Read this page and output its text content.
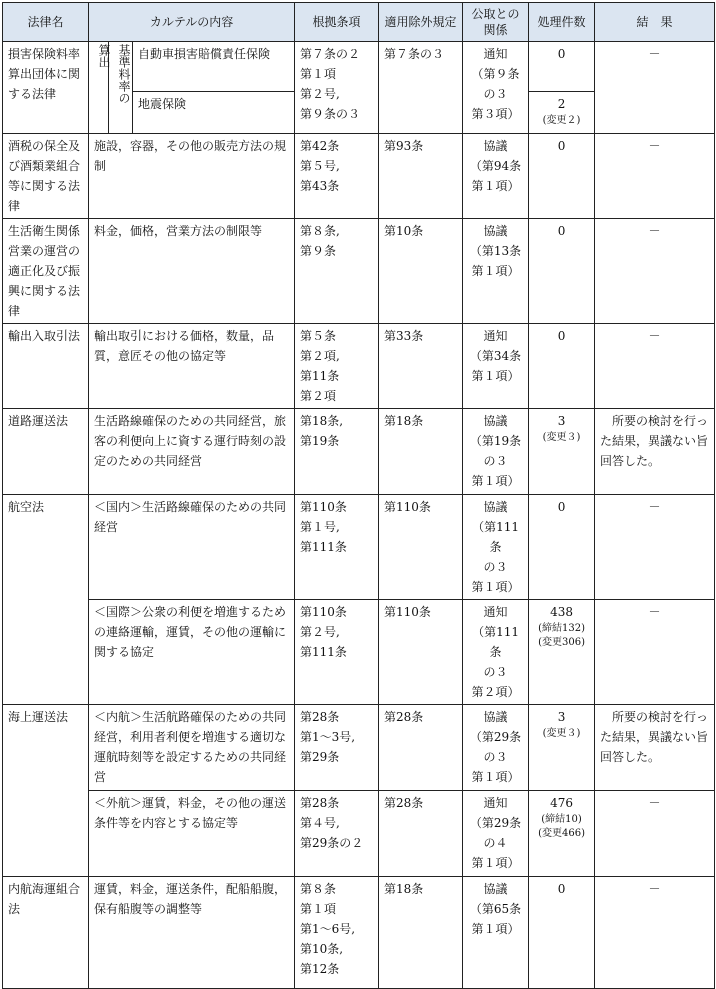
法律名	カルテルの内容			根拠条項	適用除外規定	公取との関係	処理件数	結　果
損害保険料率算出団体に関する法律	算出	基準料率の	自動車損害賠償責任保険	第７条の２
第１項
第２号,
第９条の３	第７条の３	通知
（第９条
の３
第３項）	0	－
			地震保険				2
(変更２)	

酒税の保全及び酒類業組合等に関する法律	施設，容器，その他の販売方法の規制			第42条
第５号,
第43条	第93条	協議
（第94条
第１項）	0	－
生活衛生関係営業の運営の適正化及び振興に関する法律	料金，価格，営業方法の制限等			第８条,
第９条	第10条	協議
（第13条
第１項）	0	－
輸出入取引法	輸出取引における価格，数量，品質，意匠その他の協定等			第５条
第２項,
第11条
第２項	第33条	通知
（第34条
第１項）	0	－
道路運送法	生活路線確保のための共同経営，旅客の利便向上に資する運行時刻の設定のための共同経営			第18条,
第19条	第18条	協議
（第19条
の３
第１項）	3
(変更３)	所要の検討を行った結果，異議ない旨回答した。
航空法	＜国内＞生活路線確保のための共同経営			第110条
第１号,
第111条	第110条	協議
（第111条
の３
第１項）	0	－
	＜国際＞公衆の利便を増進するための連絡運輸，運賃，その他の運輸に関する協定			第110条
第２号,
第111条	第110条	通知
（第111条
の３
第２項）	438
(締結132)
(変更306)	－
海上運送法	＜内航＞生活航路確保のための共同経営，利用者利便を増進する適切な運航時刻等を設定するための共同経営			第28条
第1～3号,
第29条	第28条	協議
（第29条
の３
第１項）	3
(変更３)	所要の検討を行った結果，異議ない旨回答した。
	＜外航＞運賃，料金，その他の運送条件等を内容とする協定等			第28条
第４号,
第29条の２	第28条	通知
（第29条
の４
第１項）	476
(締結10)
(変更466)	－
内航海運組合法	運賃，料金，運送条件，配船船腹，保有船腹等の調整等			第８条
第１項
第1～6号,
第10条,
第12条	第18条	協議
（第65条
第１項）	0	－
